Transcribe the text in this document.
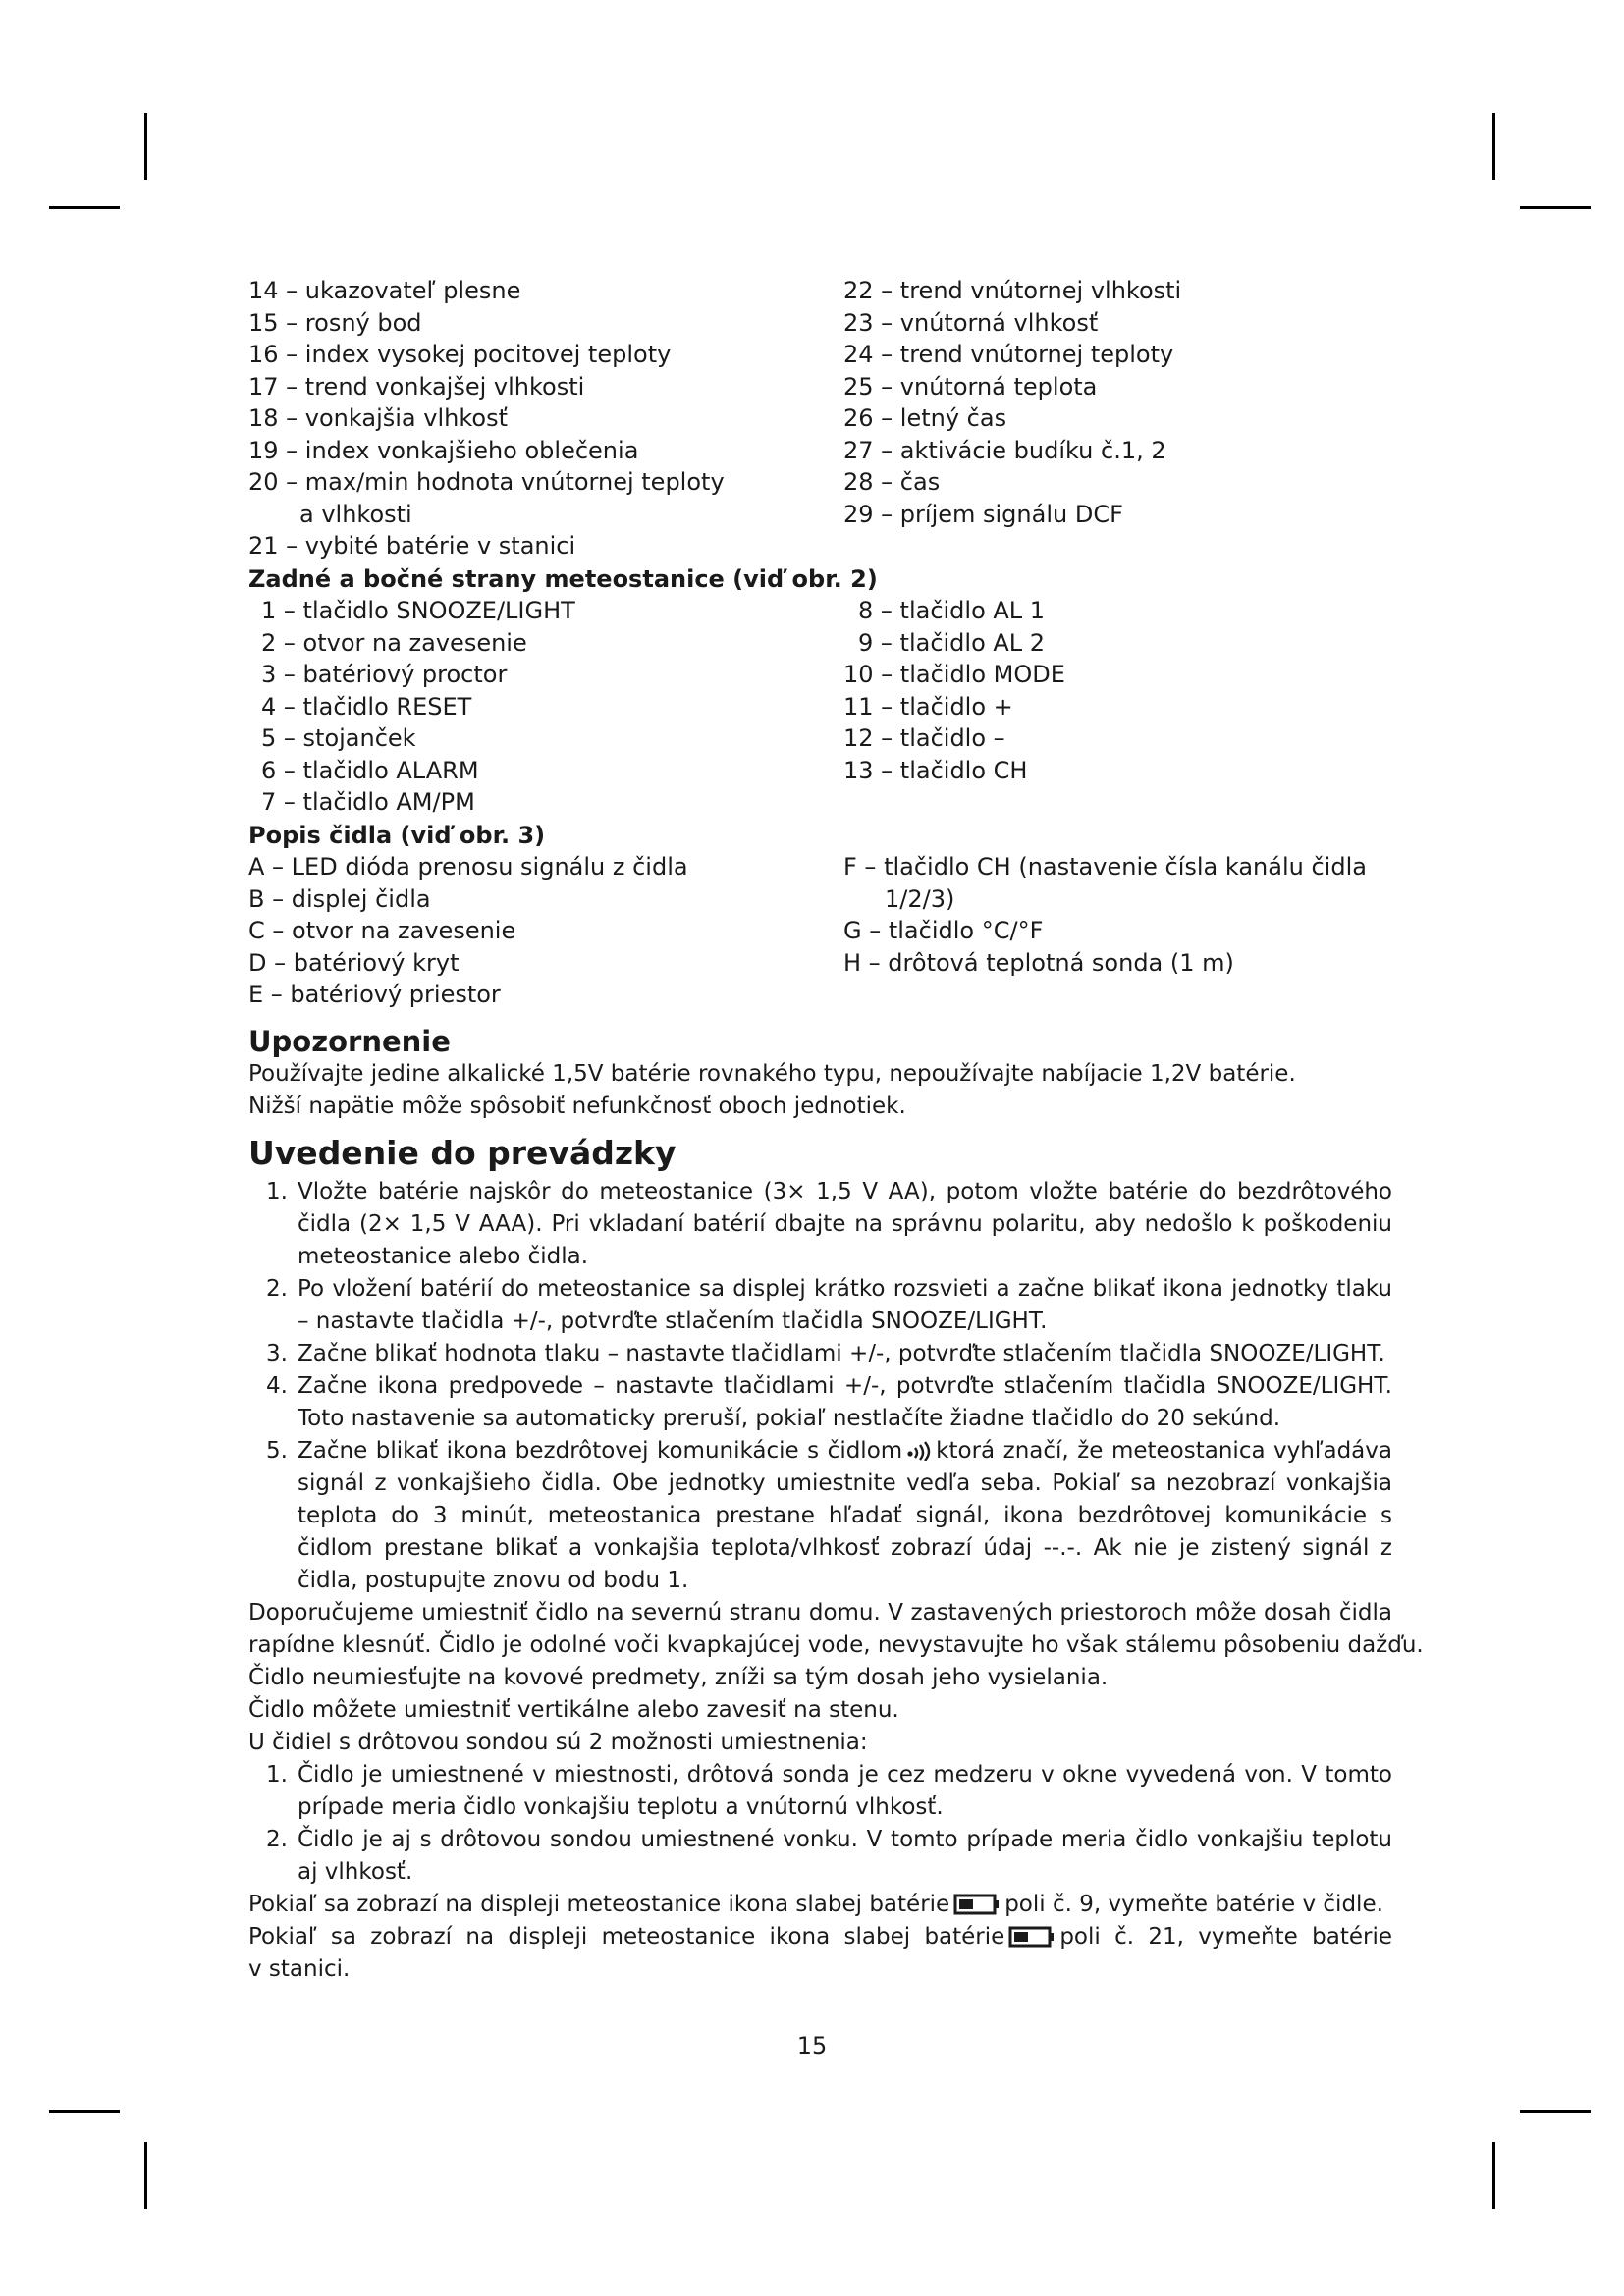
14 – ukazovateľ plesne
15 – rosný bod
16 – index vysokej pocitovej teploty
17 – trend vonkajšej vlhkosti
18 – vonkajšia vlhkosť
19 – index vonkajšieho oblečenia
20 – max/min hodnota vnútornej teploty
a vlhkosti
21 – vybité batérie v stanici
22 – trend vnútornej vlhkosti
23 – vnútorná vlhkosť
24 – trend vnútornej teploty
25 – vnútorná teplota
26 – letný čas
27 – aktivácie budíku č.1, 2
28 – čas
29 – príjem signálu DCF
Zadné a bočné strany meteostanice (viď obr. 2)
1 – tlačidlo SNOOZE/LIGHT
2 – otvor na zavesenie
3 – batériový proctor
4 – tlačidlo RESET
5 – stojanček
6 – tlačidlo ALARM
7 – tlačidlo AM/PM
8 – tlačidlo AL 1
9 – tlačidlo AL 2
10 – tlačidlo MODE
11 – tlačidlo +
12 – tlačidlo –
13 – tlačidlo CH
Popis čidla (viď obr. 3)
A – LED dióda prenosu signálu z čidla
B – displej čidla
C – otvor na zavesenie
D – batériový kryt
E – batériový priestor
F – tlačidlo CH (nastavenie čísla kanálu čidla
1/2/3)
G – tlačidlo °C/°F
H – drôtová teplotná sonda (1 m)
Upozornenie
Používajte jedine alkalické 1,5V batérie rovnakého typu, nepoužívajte nabíjacie 1,2V batérie.
Nižší napätie môže spôsobiť nefunkčnosť oboch jednotiek.
Uvedenie do prevádzky
1. Vložte batérie najskôr do meteostanice (3× 1,5 V AA), potom vložte batérie do bezdrôtového čidla (2× 1,5 V AAA). Pri vkladaní batérií dbajte na správnu polaritu, aby nedošlo k poškodeniu meteostanice alebo čidla.
2. Po vložení batérií do meteostanice sa displej krátko rozsvieti a začne blikať ikona jednotky tlaku – nastavte tlačidla +/-, potvrďte stlačením tlačidla SNOOZE/LIGHT.
3. Začne blikať hodnota tlaku – nastavte tlačidlami +/-, potvrďte stlačením tlačidla SNOOZE/LIGHT.
4. Začne ikona predpovede – nastavte tlačidlami +/-, potvrďte stlačením tlačidla SNOOZE/LIGHT. Toto nastavenie sa automaticky preruší, pokiaľ nestlačíte žiadne tlačidlo do 20 sekúnd.
5. Začne blikať ikona bezdrôtovej komunikácie s čidlom ktorá značí, že meteostanica vyhľadáva signál z vonkajšieho čidla. Obe jednotky umiestnite vedľa seba. Pokiaľ sa nezobrazí vonkajšia teplota do 3 minút, meteostanica prestane hľadať signál, ikona bezdrôtovej komunikácie s čidlom prestane blikať a vonkajšia teplota/vlhkosť zobrazí údaj --.-. Ak nie je zistený signál z čidla, postupujte znovu od bodu 1.
Doporučujeme umiestniť čidlo na severnú stranu domu. V zastavených priestoroch môže dosah čidla
rapídne klesnúť. Čidlo je odolné voči kvapkajúcej vode, nevystavujte ho však stálemu pôsobeniu dažďu.
Čidlo neumiesťujte na kovové predmety, zníži sa tým dosah jeho vysielania.
Čidlo môžete umiestniť vertikálne alebo zavesiť na stenu.
U čidiel s drôtovou sondou sú 2 možnosti umiestnenia:
1. Čidlo je umiestnené v miestnosti, drôtová sonda je cez medzeru v okne vyvedená von. V tomto prípade meria čidlo vonkajšiu teplotu a vnútornú vlhkosť.
2. Čidlo je aj s drôtovou sondou umiestnené vonku. V tomto prípade meria čidlo vonkajšiu teplotu aj vlhkosť.
Pokiaľ sa zobrazí na displeji meteostanice ikona slabej batérie poli č. 9, vymeňte batérie v čidle.
Pokiaľ sa zobrazí na displeji meteostanice ikona slabej batérie poli č. 21, vymeňte batérie
v stanici.
15
